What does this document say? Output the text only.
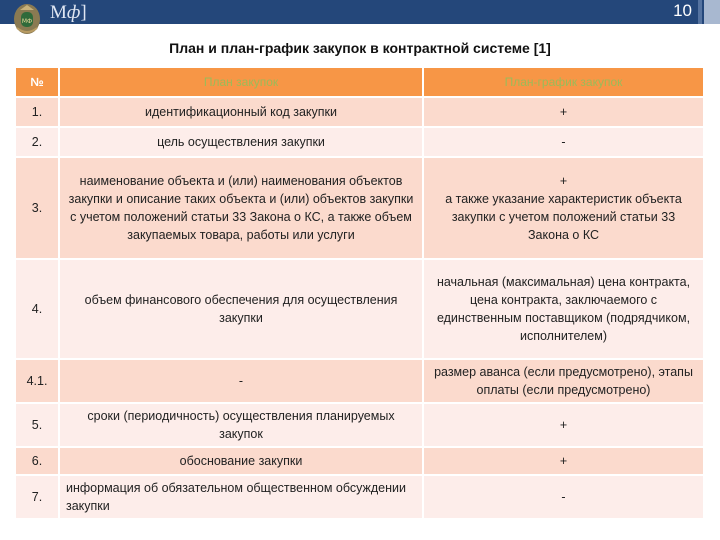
МФ Мф]	10
План и план-график закупок в контрактной системе [1]
№	План закупок	План-график закупок
1.	идентификационный код закупки	+
2.	цель осуществления закупки	-
3.	наименование объекта и (или) наименования объектов закупки и описание таких объекта и (или) объектов закупки с учетом положений статьи 33 Закона о КС, а также объем закупаемых товара, работы или услуги	+
а также указание характеристик объекта закупки с учетом положений статьи 33 Закона о КС

4.	объем финансового обеспечения для осуществления закупки	начальная (максимальная) цена контракта, цена контракта, заключаемого с единственным поставщиком (подрядчиком, исполнителем)
4.1.	-	размер аванса (если предусмотрено), этапы оплаты (если предусмотрено)
5.	сроки (периодичность) осуществления планируемых закупок	+
6.	обоснование закупки	+
7.	информация об обязательном общественном обсуждении закупки	-
